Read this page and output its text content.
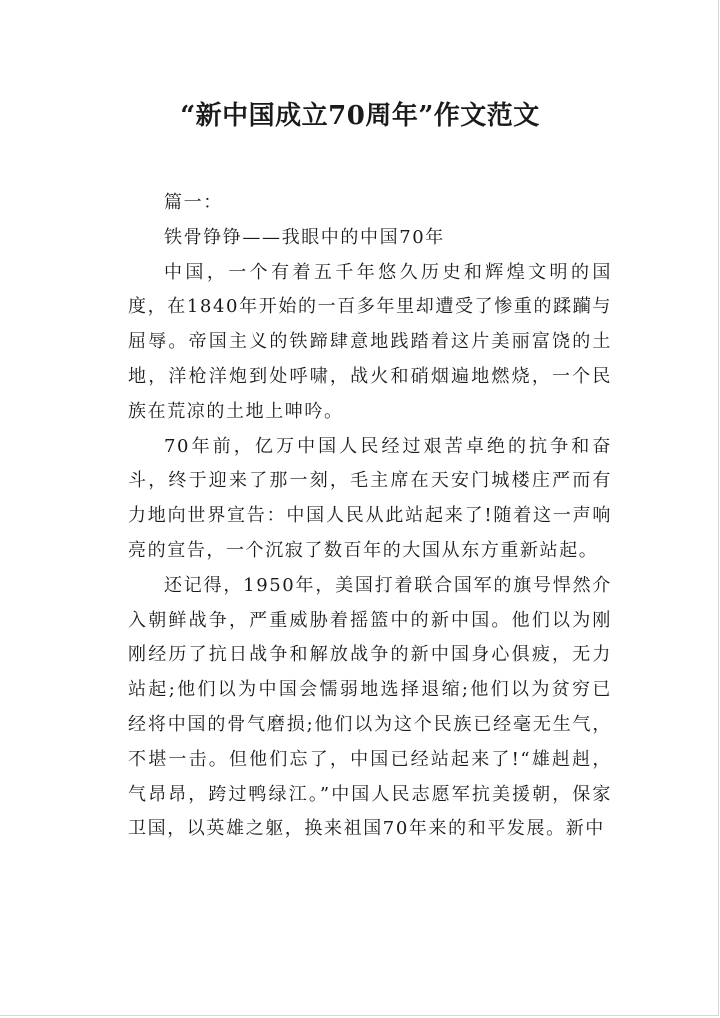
“新中国成立70周年”作文范文

篇一：

铁骨铮铮——我眼中的中国70年

中国，一个有着五千年悠久历史和辉煌文明的国度，在1840年开始的一百多年里却遭受了惨重的蹂躏与屈辱。帝国主义的铁蹄肆意地践踏着这片美丽富饶的土地，洋枪洋炮到处呼啸，战火和硝烟遍地燃烧，一个民族在荒凉的土地上呻吟。

70年前，亿万中国人民经过艰苦卓绝的抗争和奋斗，终于迎来了那一刻，毛主席在天安门城楼庄严而有力地向世界宣告：中国人民从此站起来了!随着这一声响亮的宣告，一个沉寂了数百年的大国从东方重新站起。

还记得，1950年，美国打着联合国军的旗号悍然介入朝鲜战争，严重威胁着摇篮中的新中国。他们以为刚刚经历了抗日战争和解放战争的新中国身心俱疲，无力站起;他们以为中国会懦弱地选择退缩;他们以为贫穷已经将中国的骨气磨损;他们以为这个民族已经毫无生气，不堪一击。但他们忘了，中国已经站起来了!“雄赳赳，气昂昂，跨过鸭绿江。”中国人民志愿军抗美援朝，保家卫国，以英雄之躯，换来祖国70年来的和平发展。新中
